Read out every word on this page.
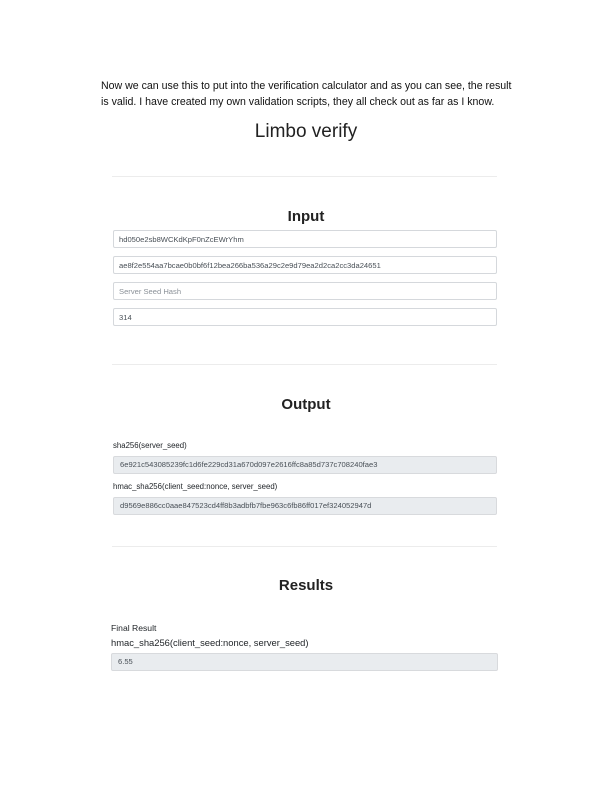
Now we can use this to put into the verification calculator and as you can see, the result is valid. I have created my own validation scripts, they all check out as far as I know.

Limbo verify
Input
hd050e2sb8WCKdKpF0nZcEWrYhm
ae8f2e554aa7bcae0b0bf6f12bea266ba536a29c2e9d79ea2d2ca2cc3da24651
Server Seed Hash
314
Output
sha256(server_seed)
6e921c543085239fc1d6fe229cd31a670d097e2616ffc8a85d737c708240fae3
hmac_sha256(client_seed:nonce, server_seed)
d9569e886cc0aae847523cd4ff8b3adbfb7fbe963c6fb86ff017ef324052947d
Results
Final Result
hmac_sha256(client_seed:nonce, server_seed)
6.55
